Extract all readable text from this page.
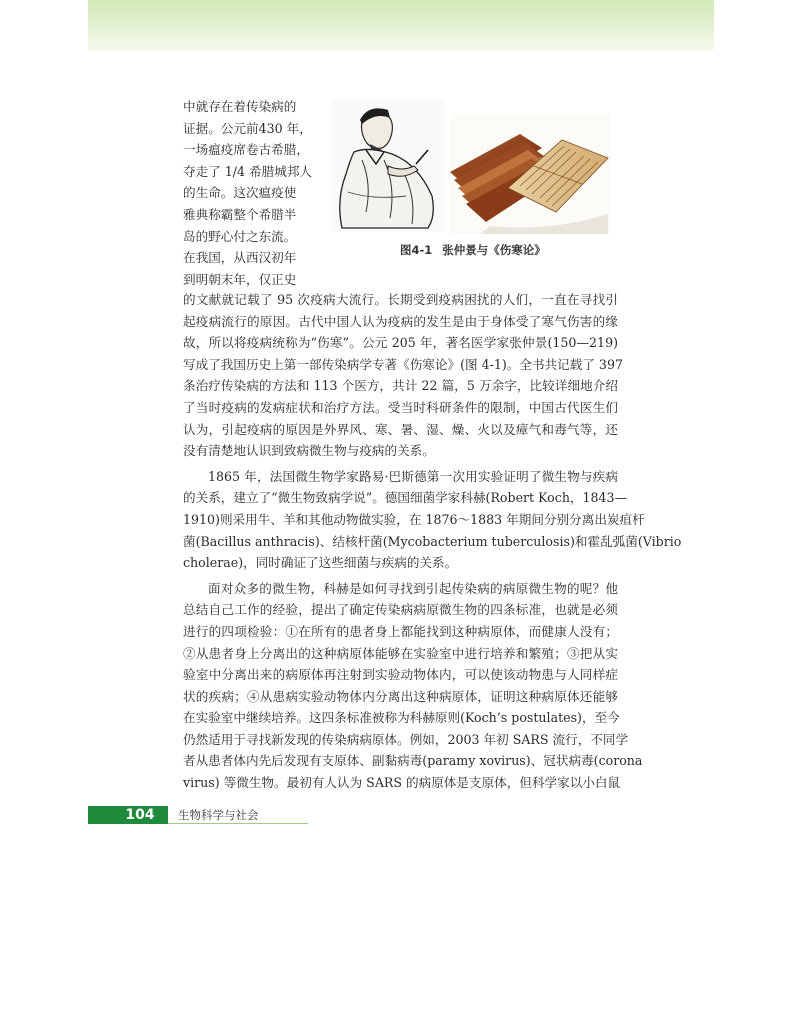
中就存在着传染病的
证据。公元前430 年，
一场瘟疫席卷古希腊，
夺走了 1/4 希腊城邦人
的生命。这次瘟疫使
雅典称霸整个希腊半
岛的野心付之东流。
在我国，从西汉初年
到明朝末年，仅正史
图4-1 张仲景与《伤寒论》

的文献就记载了 95 次疫病大流行。长期受到疫病困扰的人们，一直在寻找引
起疫病流行的原因。古代中国人认为疫病的发生是由于身体受了寒气伤害的缘
故，所以将疫病统称为“伤寒”。公元 205 年，著名医学家张仲景(150—219)
写成了我国历史上第一部传染病学专著《伤寒论》(图 4-1)。全书共记载了 397
条治疗传染病的方法和 113 个医方，共计 22 篇，5 万余字，比较详细地介绍
了当时疫病的发病症状和治疗方法。受当时科研条件的限制，中国古代医生们
认为，引起疫病的原因是外界风、寒、暑、湿、燥、火以及瘴气和毒气等，还
没有清楚地认识到致病微生物与疫病的关系。

1865 年，法国微生物学家路易·巴斯德第一次用实验证明了微生物与疾病
的关系，建立了“微生物致病学说”。德国细菌学家科赫(Robert Koch，1843—
1910)则采用牛、羊和其他动物做实验，在 1876～1883 年期间分别分离出炭疽杆
菌(Bacillus anthracis)、结核杆菌(Mycobacterium tuberculosis)和霍乱弧菌(Vibrio
cholerae)，同时确证了这些细菌与疾病的关系。

面对众多的微生物，科赫是如何寻找到引起传染病的病原微生物的呢？他
总结自己工作的经验，提出了确定传染病病原微生物的四条标准，也就是必须
进行的四项检验：①在所有的患者身上都能找到这种病原体，而健康人没有；
②从患者身上分离出的这种病原体能够在实验室中进行培养和繁殖；③把从实
验室中分离出来的病原体再注射到实验动物体内，可以使该动物患与人同样症
状的疾病；④从患病实验动物体内分离出这种病原体，证明这种病原体还能够
在实验室中继续培养。这四条标准被称为科赫原则(Koch’s postulates)，至今
仍然适用于寻找新发现的传染病病原体。例如，2003 年初 SARS 流行，不同学
者从患者体内先后发现有支原体、副黏病毒(paramy xovirus)、冠状病毒(corona
virus) 等微生物。最初有人认为 SARS 的病原体是支原体，但科学家以小白鼠

104	生物科学与社会
